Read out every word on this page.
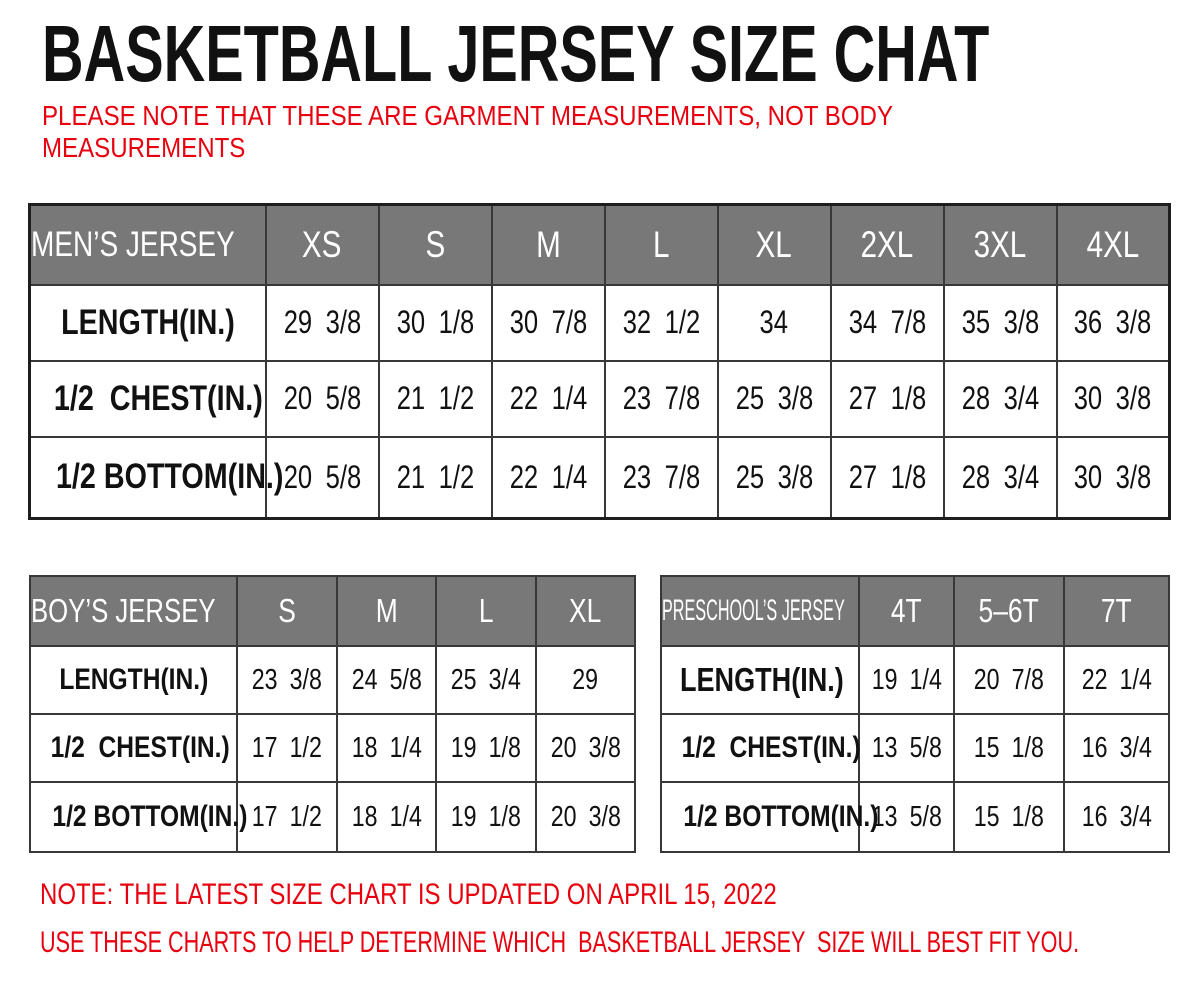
BASKETBALL JERSEY SIZE CHAT
PLEASE NOTE THAT THESE ARE GARMENT MEASUREMENTS, NOT BODY
MEASUREMENTS
MEN’S JERSEY	XS	S	M	L	XL	2XL	3XL	4XL
LENGTH(IN.)	29 3/8	30 1/8	30 7/8	32 1/2	34	34 7/8	35 3/8	36 3/8
1/2  CHEST(IN.)	20 5/8	21 1/2	22 1/4	23 7/8	25 3/8	27 1/8	28 3/4	30 3/8
1/2 BOTTOM(IN.)	20 5/8	21 1/2	22 1/4	23 7/8	25 3/8	27 1/8	28 3/4	30 3/8
BOY’S JERSEY	S	M	L	XL
LENGTH(IN.)	23 3/8	24 5/8	25 3/4	29
1/2  CHEST(IN.)	17 1/2	18 1/4	19 1/8	20 3/8
1/2 BOTTOM(IN.)	17 1/2	18 1/4	19 1/8	20 3/8
PRESCHOOL’S JERSEY	4T	5–6T	7T
LENGTH(IN.)	19 1/4	20 7/8	22 1/4
1/2  CHEST(IN.)	13 5/8	15 1/8	16 3/4
1/2 BOTTOM(IN.)	13 5/8	15 1/8	16 3/4
NOTE: THE LATEST SIZE CHART IS UPDATED ON APRIL 15, 2022
USE THESE CHARTS TO HELP DETERMINE WHICH  BASKETBALL JERSEY  SIZE WILL BEST FIT YOU.
